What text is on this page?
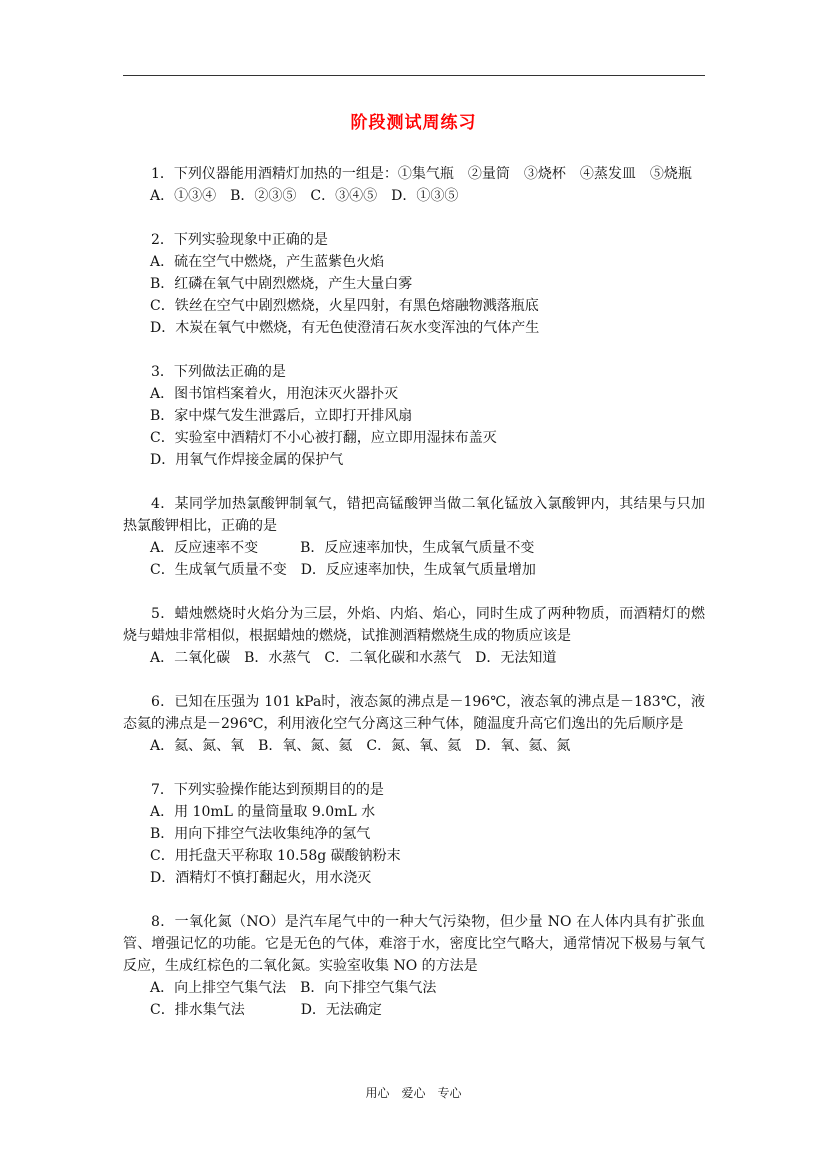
阶段测试周练习

1．下列仪器能用酒精灯加热的一组是：①集气瓶　②量筒　③烧杯　④蒸发皿　⑤烧瓶

A．①③④　B．②③⑤　C．③④⑤　D．①③⑤

2．下列实验现象中正确的是

A．硫在空气中燃烧，产生蓝紫色火焰

B．红磷在氧气中剧烈燃烧，产生大量白雾

C．铁丝在空气中剧烈燃烧，火星四射，有黑色熔融物溅落瓶底

D．木炭在氧气中燃烧，有无色使澄清石灰水变浑浊的气体产生

3．下列做法正确的是

A．图书馆档案着火，用泡沫灭火器扑灭

B．家中煤气发生泄露后，立即打开排风扇

C．实验室中酒精灯不小心被打翻，应立即用湿抹布盖灭

D．用氧气作焊接金属的保护气

4．某同学加热氯酸钾制氧气，错把高锰酸钾当做二氧化锰放入氯酸钾内，其结果与只加热氯酸钾相比，正确的是

A．反应速率不变　　　B．反应速率加快，生成氧气质量不变

C．生成氧气质量不变　D．反应速率加快，生成氧气质量增加

5．蜡烛燃烧时火焰分为三层，外焰、内焰、焰心，同时生成了两种物质，而酒精灯的燃烧与蜡烛非常相似，根据蜡烛的燃烧，试推测酒精燃烧生成的物质应该是

A．二氧化碳　B．水蒸气　C．二氧化碳和水蒸气　D．无法知道

6．已知在压强为 101 kPa时，液态氮的沸点是－196℃，液态氧的沸点是－183℃，液态氦的沸点是－296℃，利用液化空气分离这三种气体，随温度升高它们逸出的先后顺序是

A．氦、氮、氧　B．氧、氮、氦　C．氮、氧、氦　D．氧、氦、氮

7．下列实验操作能达到预期目的的是

A．用 10mL 的量筒量取 9.0mL 水

B．用向下排空气法收集纯净的氢气

C．用托盘天平称取 10.58g 碳酸钠粉末

D．酒精灯不慎打翻起火，用水浇灭

8．一氧化氮（NO）是汽车尾气中的一种大气污染物，但少量 NO 在人体内具有扩张血管、增强记忆的功能。它是无色的气体，难溶于水，密度比空气略大，通常情况下极易与氧气反应，生成红棕色的二氧化氮。实验室收集 NO 的方法是

A．向上排空气集气法　B．向下排空气集气法

C．排水集气法　　　　D．无法确定

用心　爱心　专心
